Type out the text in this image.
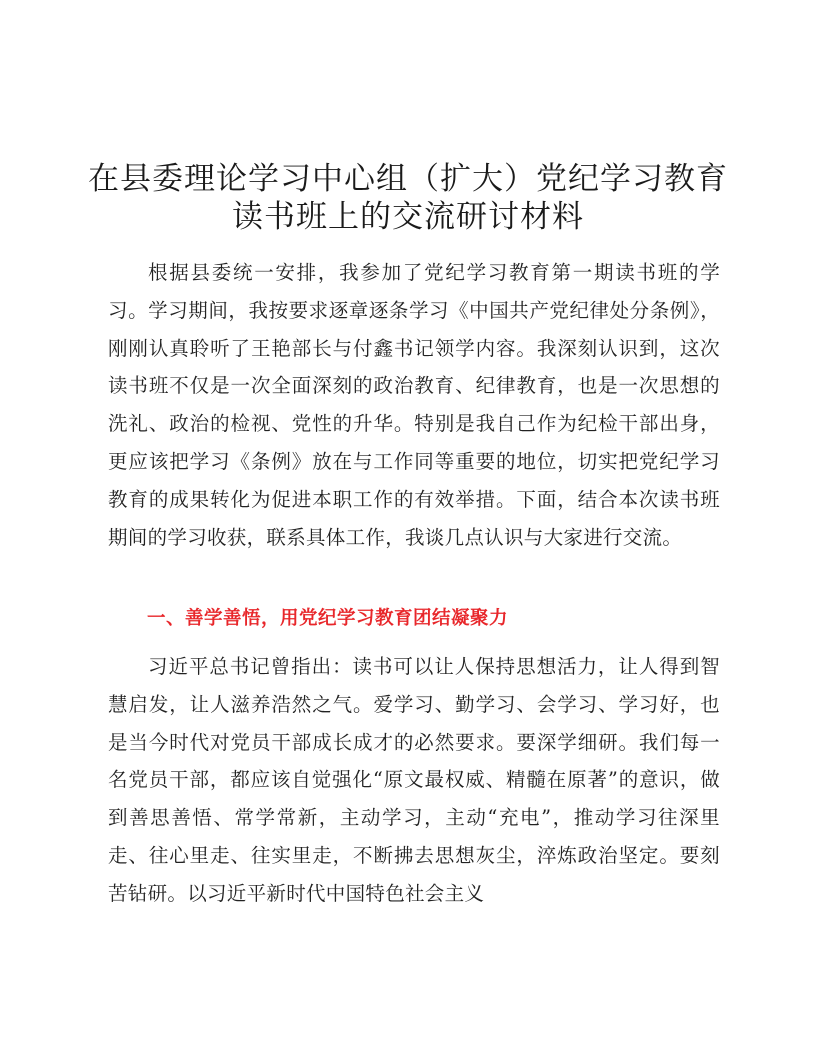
在县委理论学习中心组（扩大）党纪学习教育
读书班上的交流研讨材料
根据县委统一安排，我参加了党纪学习教育第一期读书班的学习。学习期间，我按要求逐章逐条学习《中国共产党纪律处分条例》，刚刚认真聆听了王艳部长与付鑫书记领学内容。我深刻认识到，这次读书班不仅是一次全面深刻的政治教育、纪律教育，也是一次思想的洗礼、政治的检视、党性的升华。特别是我自己作为纪检干部出身，更应该把学习《条例》放在与工作同等重要的地位，切实把党纪学习教育的成果转化为促进本职工作的有效举措。下面，结合本次读书班期间的学习收获，联系具体工作，我谈几点认识与大家进行交流。
一、善学善悟，用党纪学习教育团结凝聚力
习近平总书记曾指出：读书可以让人保持思想活力，让人得到智慧启发，让人滋养浩然之气。爱学习、勤学习、会学习、学习好，也是当今时代对党员干部成长成才的必然要求。要深学细研。我们每一名党员干部，都应该自觉强化“原文最权威、精髓在原著”的意识，做到善思善悟、常学常新，主动学习，主动“充电”，推动学习往深里走、往心里走、往实里走，不断拂去思想灰尘，淬炼政治坚定。要刻苦钻研。以习近平新时代中国特色社会主义
